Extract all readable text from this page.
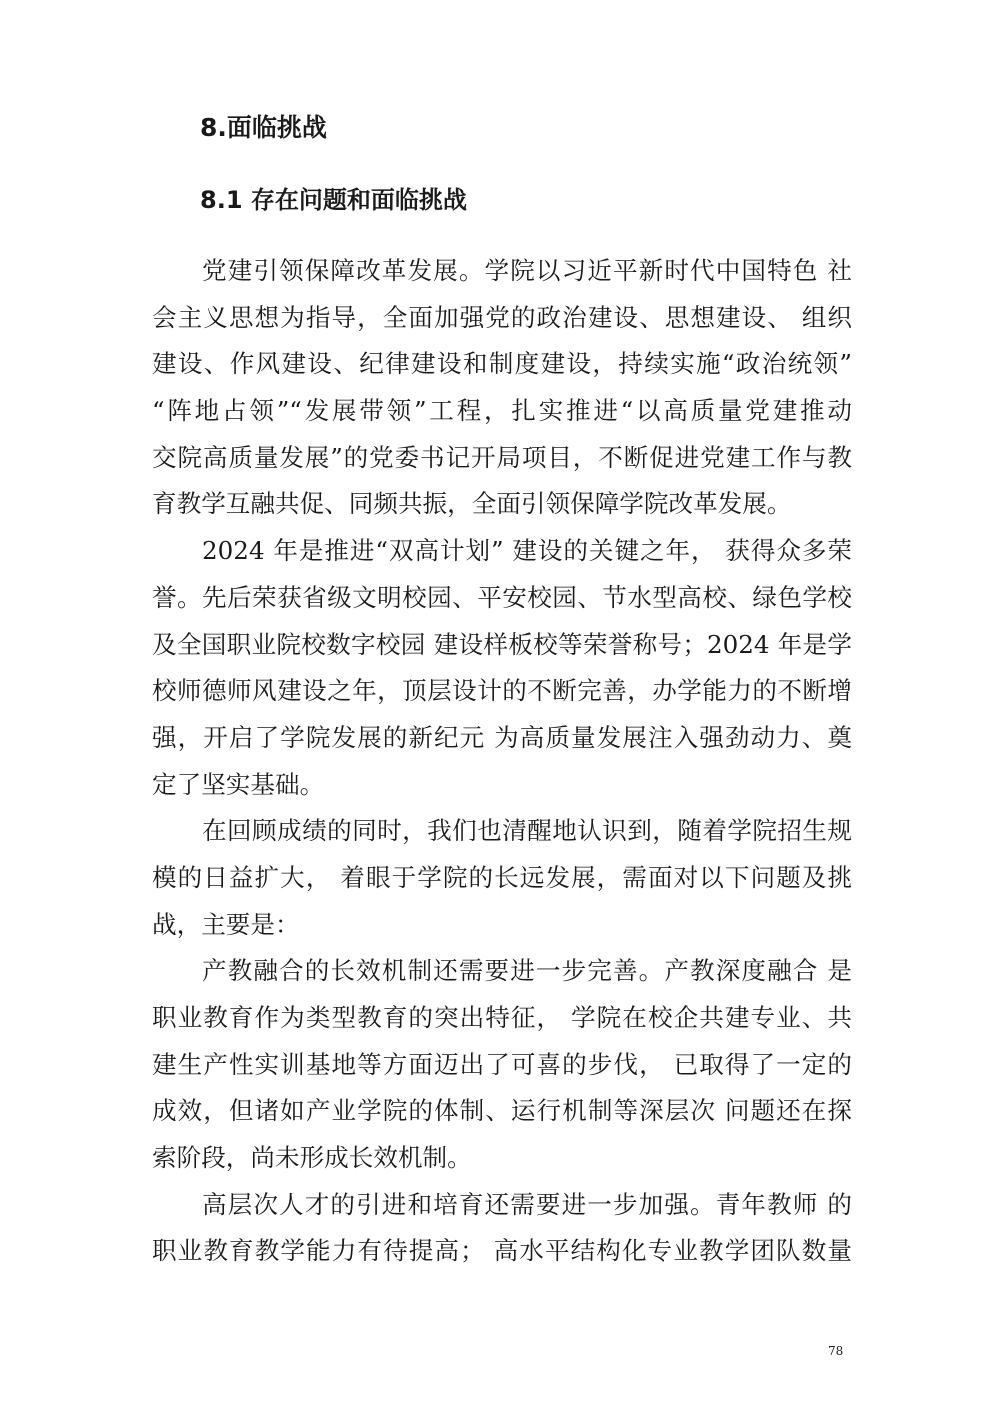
8.面临挑战
8.1 存在问题和面临挑战

党建引领保障改革发展。学院以习近平新时代中国特色 社
会主义思想为指导，全面加强党的政治建设、思想建设、 组织
建设、作风建设、纪律建设和制度建设，持续实施“政治统领”
“阵地占领”“发展带领”工程，扎实推进“以高质量党建推动
交院高质量发展”的党委书记开局项目，不断促进党建工作与教
育教学互融共促、同频共振，全面引领保障学院改革发展。

2024 年是推进“双高计划” 建设的关键之年， 获得众多荣
誉。先后荣获省级文明校园、平安校园、节水型高校、绿色学校
及全国职业院校数字校园 建设样板校等荣誉称号；2024 年是学
校师德师风建设之年，顶层设计的不断完善，办学能力的不断增
强，开启了学院发展的新纪元 为高质量发展注入强劲动力、奠
定了坚实基础。

在回顾成绩的同时，我们也清醒地认识到，随着学院招生规
模的日益扩大， 着眼于学院的长远发展，需面对以下问题及挑
战，主要是：

产教融合的长效机制还需要进一步完善。产教深度融合 是
职业教育作为类型教育的突出特征， 学院在校企共建专业、共
建生产性实训基地等方面迈出了可喜的步伐， 已取得了一定的
成效，但诸如产业学院的体制、运行机制等深层次 问题还在探
索阶段，尚未形成长效机制。

高层次人才的引进和培育还需要进一步加强。青年教师 的
职业教育教学能力有待提高； 高水平结构化专业教学团队数量

78
